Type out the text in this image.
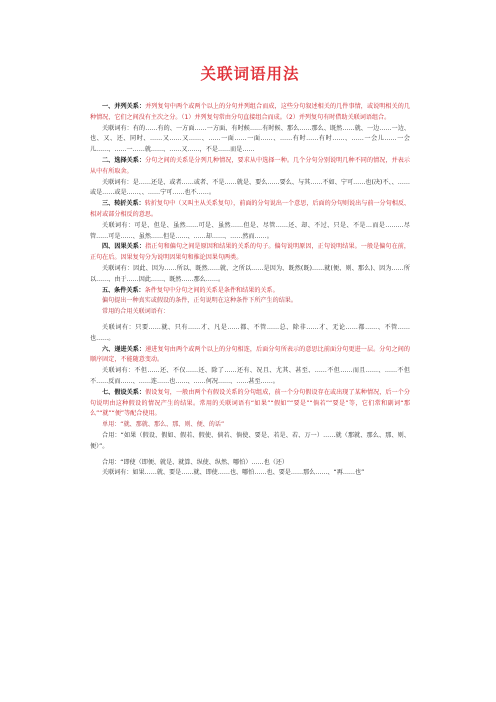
关联词语用法

一、并列关系：并列复句中两个或两个以上的分句并列组合而成，这些分句叙述相关的几件事情，或说明相关的几种情况，它们之间没有主次之分。（1）并列复句常由分句直接组合而成。（2）并列复句有时借助关联词语组合。

关联词有：有的……有的、一方面……一方面、有时候……有时候、那么……那么、既然……就、一边……一边、也、又、还、同时、……又……又……、……一面……一面……、……有时……有时……、……一会儿……一会儿……、……一……就……、……又……，不是……而是……

二、选择关系：分句之间的关系是分列几种情况，要求从中选择一种。几个分句分别说明几种不同的情况，并表示从中有所取舍。

关联词有：是……还是、或者……或者、不是……就是、要么……要么、与其……不如、宁可……也(决)不、、……或是……或是……、、……宁可……也不……。

三、转折关系：转折复句中（又叫主从关系复句），前面的分句说出一个意思，后面的分句则说出与前一分句相反、相对或部分相反的意思。

关联词有：可是、但是、虽然……可是、虽然……但是、尽管……还、却、不过、只是、不是…而是………尽管……可是……、虽然……但是……、……却……、……然而……。

四、因果关系：指正句和偏句之间是原因和结果的关系的句子。偏句说明原因，正句说明结果。一般是偏句在前，正句在后。因果复句分为说明因果句和推论因果句两类。

关联词有：因此、因为……所以、既然……就、之所以……是因为、既然(既)……就(便、则、那么)、因为……所以……、由于……因此……、既然……那么……。

五、条件关系：条件复句中分句之间的关系是条件和结果的关系。

偏句提出一种真实或假设的条件，正句说明在这种条件下所产生的结果。

常用的合用关联词语有：

关联词有：只要……就、只有……才、凡是……都、不管……总、除非……才、无论……都……、不管……也……。

六、递进关系：递进复句由两个或两个以上的分句相连，后面分句所表示的意思比前面分句更进一层。分句之间的顺序固定，不能随意变动。

关联词有：不但……还、不仅……还、除了……还有、况且、尤其、甚至、……不但……而且……、……不但不……反而……、……连……也……、……何况……、……甚至……。

七、假设关系：假设复句，一般由两个有假设关系的分句组成，前一个分句假设存在或出现了某种情况，后一个分句说明由这种假设的情况产生的结果。常用的关联词语有“如果”“假如”“要是”“倘若”“要是”等，它们常和副词“那么”“就”“便”等配合使用。

单用：“就、那就、那么、那、则、便、的话”

合用：“如果（假设、假如、假若、假使、倘若、倘使、要是、若是、若、万一）……就（那就、那么、那、则、便）”。

合用：“即使（即便、就是、就算、纵使、纵然、哪怕）……也（还）

关联词有：如果……就、要是……就、即使……也、哪怕……也、要是……那么……、“再……也”
